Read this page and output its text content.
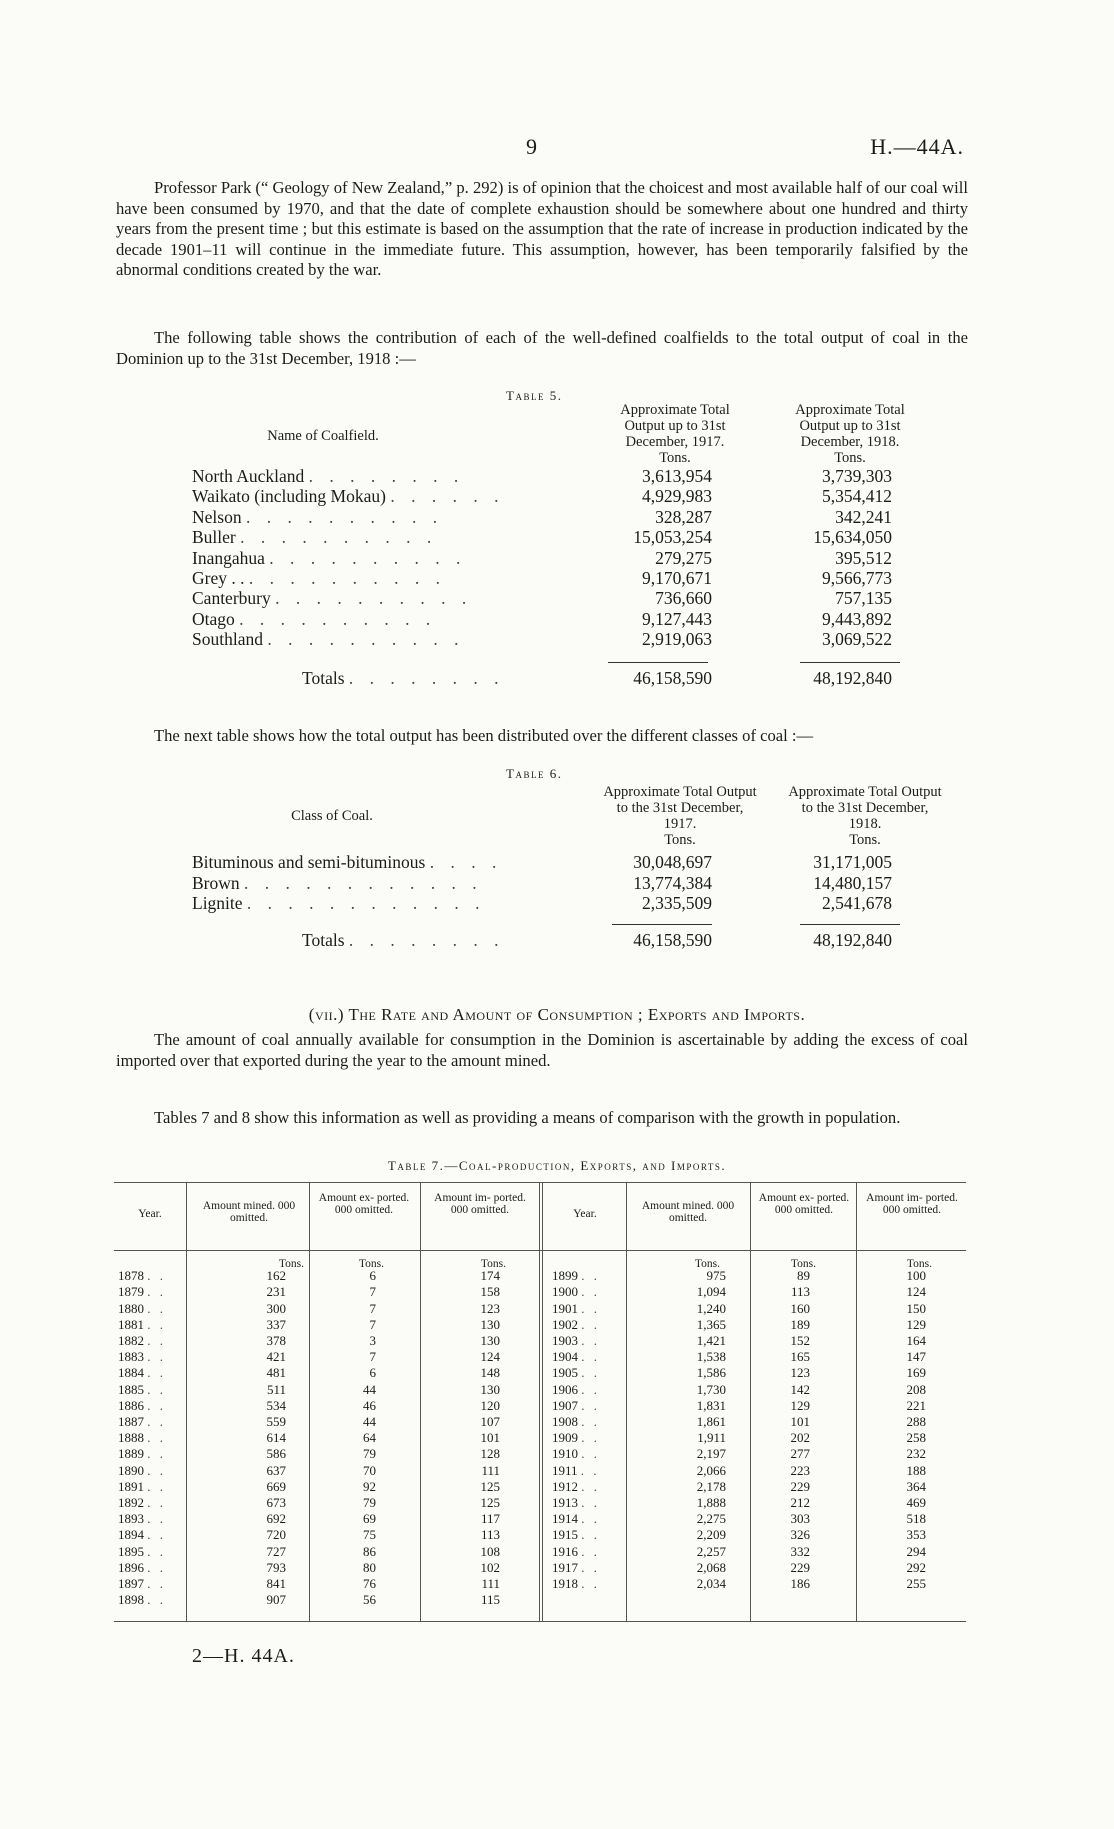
9	H.—44A.

Professor Park (“ Geology of New Zealand,” p. 292) is of opinion that the choicest and most available half of our coal will have been consumed by 1970, and that the date of complete exhaustion should be somewhere about one hundred and thirty years from the present time ; but this estimate is based on the assumption that the rate of increase in production indicated by the decade 1901–11 will continue in the immediate future. This assumption, however, has been temporarily falsified by the abnormal conditions created by the war.

The following table shows the contribution of each of the well-defined coalfields to the total output of coal in the Dominion up to the 31st December, 1918 :—

Table 5.
Name of Coalfield.
Approximate Total Output up to 31st December, 1917.
Tons.
Approximate Total Output up to 31st December, 1918.
Tons.
North Auckland . . . . . . . .	3,613,954	3,739,303
Waikato (including Mokau) . . . . . .	4,929,983	5,354,412
Nelson . . . . . . . . . .	328,287	342,241
Buller . . . . . . . . . .	15,053,254	15,634,050
Inangahua . . . . . . . . . .	279,275	395,512
Grey . . . . . . . . . . . .	9,170,671	9,566,773
Canterbury . . . . . . . . . .	736,660	757,135
Otago . . . . . . . . . .	9,127,443	9,443,892
Southland . . . . . . . . . .	2,919,063	3,069,522
Totals . . . . . . . .	46,158,590	48,192,840

The next table shows how the total output has been distributed over the different classes of coal :—

Table 6.
Class of Coal.
Approximate Total Output to the 31st December, 1917.
Tons.
Approximate Total Output to the 31st December, 1918.
Tons.
Bituminous and semi-bituminous . . . .	30,048,697	31,171,005
Brown . . . . . . . . . . . .	13,774,384	14,480,157
Lignite . . . . . . . . . . . .	2,335,509	2,541,678
Totals . . . . . . . .	46,158,590	48,192,840
(vii.) The Rate and Amount of Consumption ; Exports and Imports.

The amount of coal annually available for consumption in the Dominion is ascertainable by adding the excess of coal imported over that exported during the year to the amount mined.

Tables 7 and 8 show this information as well as providing a means of comparison with the growth in population.

Table 7.—Coal-production, Exports, and Imports.
Year.
Amount mined. 000 omitted.
Amount ex- ported. 000 omitted.
Amount im- ported. 000 omitted.	Year.
Amount mined. 000 omitted.
Amount ex- ported. 000 omitted.
Amount im- ported. 000 omitted.
Tons.	Tons.	Tons.	Tons.	Tons.	Tons.
1878 . .	162	6	174
1879 . .	231	7	158
1880 . .	300	7	123
1881 . .	337	7	130
1882 . .	378	3	130
1883 . .	421	7	124
1884 . .	481	6	148
1885 . .	511	44	130
1886 . .	534	46	120
1887 . .	559	44	107
1888 . .	614	64	101
1889 . .	586	79	128
1890 . .	637	70	111
1891 . .	669	92	125
1892 . .	673	79	125
1893 . .	692	69	117
1894 . .	720	75	113
1895 . .	727	86	108
1896 . .	793	80	102
1897 . .	841	76	111
1898 . .	907	56	115
1899 . .	975	89	100
1900 . .	1,094	113	124
1901 . .	1,240	160	150
1902 . .	1,365	189	129
1903 . .	1,421	152	164
1904 . .	1,538	165	147
1905 . .	1,586	123	169
1906 . .	1,730	142	208
1907 . .	1,831	129	221
1908 . .	1,861	101	288
1909 . .	1,911	202	258
1910 . .	2,197	277	232
1911 . .	2,066	223	188
1912 . .	2,178	229	364
1913 . .	1,888	212	469
1914 . .	2,275	303	518
1915 . .	2,209	326	353
1916 . .	2,257	332	294
1917 . .	2,068	229	292
1918 . .	2,034	186	255
2—H. 44A.
